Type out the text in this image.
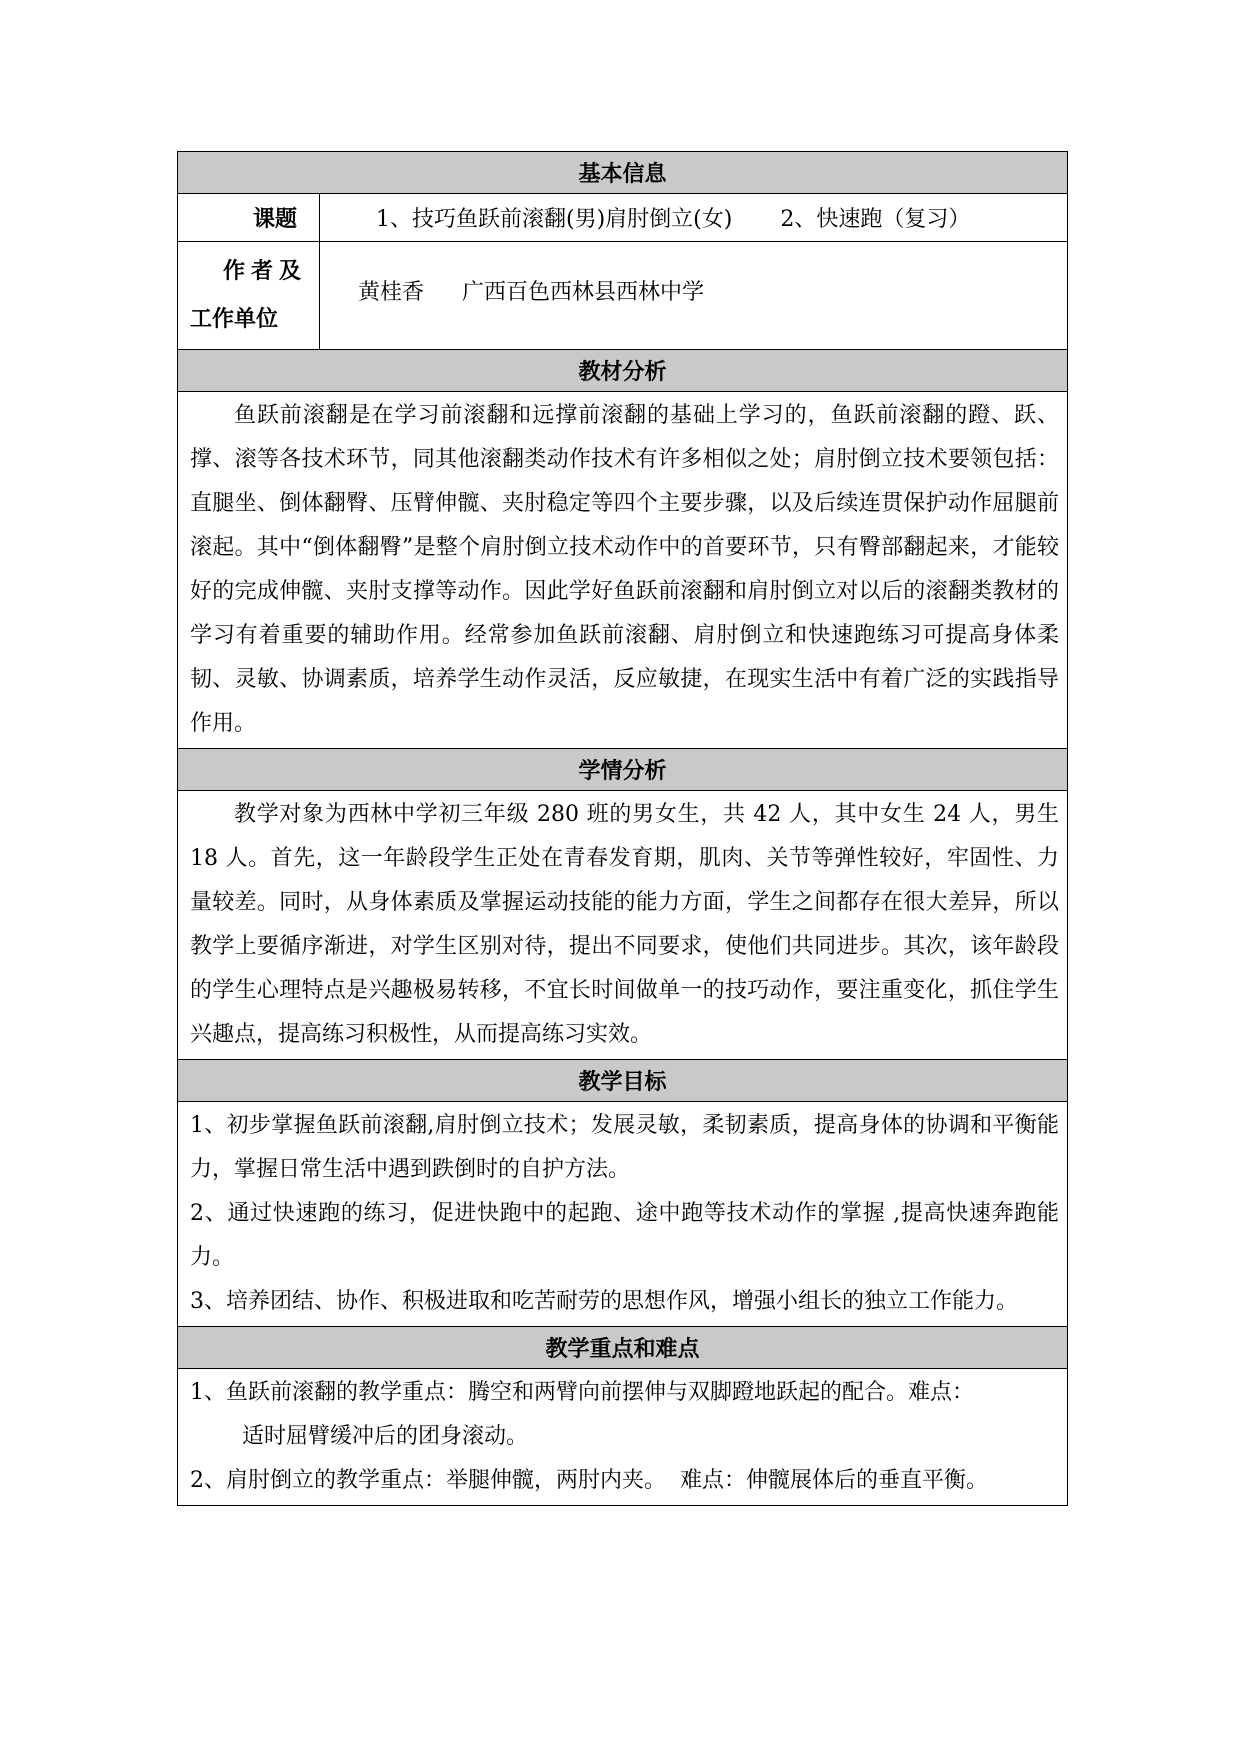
基本信息	
课题	1、技巧鱼跃前滚翻(男)肩肘倒立(女) 2、快速跑（复习）

作者及
工作单位	黄桂香 广西百色西林县西林中学
教材分析	

鱼跃前滚翻是在学习前滚翻和远撑前滚翻的基础上学习的，鱼跃前滚翻的蹬、跃、撑、滚等各技术环节，同其他滚翻类动作技术有许多相似之处；肩肘倒立技术要领包括：直腿坐、倒体翻臀、压臂伸髋、夹肘稳定等四个主要步骤，以及后续连贯保护动作屈腿前滚起。其中“倒体翻臀”是整个肩肘倒立技术动作中的首要环节，只有臀部翻起来，才能较好的完成伸髋、夹肘支撑等动作。因此学好鱼跃前滚翻和肩肘倒立对以后的滚翻类教材的学习有着重要的辅助作用。经常参加鱼跃前滚翻、肩肘倒立和快速跑练习可提高身体柔韧、灵敏、协调素质，培养学生动作灵活，反应敏捷，在现实生活中有着广泛的实践指导作用。	

学情分析	

教学对象为西林中学初三年级 280 班的男女生，共 42 人，其中女生 24 人，男生 18 人。首先，这一年龄段学生正处在青春发育期，肌肉、关节等弹性较好，牢固性、力量较差。同时，从身体素质及掌握运动技能的能力方面，学生之间都存在很大差异，所以教学上要循序渐进，对学生区别对待，提出不同要求，使他们共同进步。其次，该年龄段的学生心理特点是兴趣极易转移，不宜长时间做单一的技巧动作，要注重变化，抓住学生兴趣点，提高练习积极性，从而提高练习实效。	

教学目标	

1、初步掌握鱼跃前滚翻,肩肘倒立技术；发展灵敏，柔韧素质，提高身体的协调和平衡能力，掌握日常生活中遇到跌倒时的自护方法。

2、通过快速跑的练习，促进快跑中的起跑、途中跑等技术动作的掌握 ,提高快速奔跑能力。

3、培养团结、协作、积极进取和吃苦耐劳的思想作风，增强小组长的独立工作能力。	

教学重点和难点	

1、鱼跃前滚翻的教学重点：腾空和两臂向前摆伸与双脚蹬地跃起的配合。难点：

适时屈臂缓冲后的团身滚动。

2、肩肘倒立的教学重点：举腿伸髋，两肘内夹。  难点：伸髋展体后的垂直平衡。	
